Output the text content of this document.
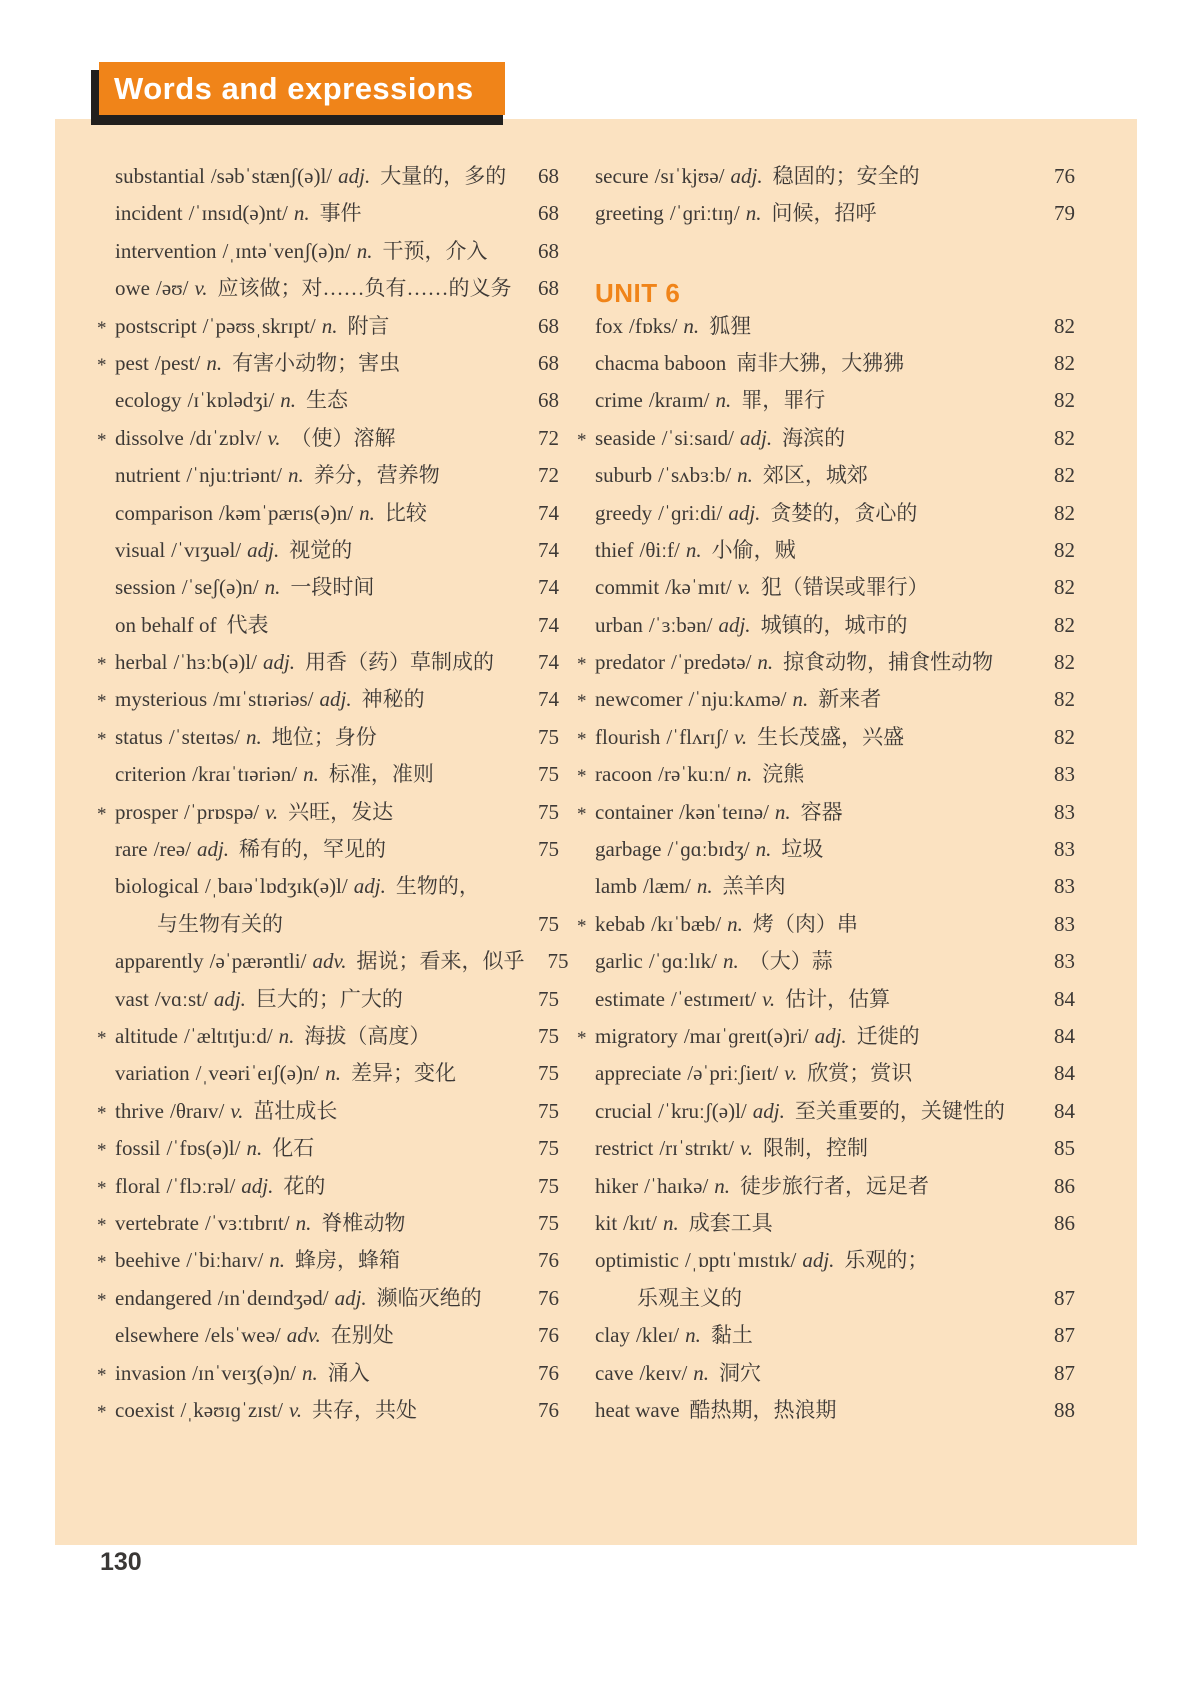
Words and expressions
substantial /səbˈstænʃ(ə)l/ adj. 大量的，多的	68
incident /ˈɪnsɪd(ə)nt/ n. 事件	68
intervention /ˌɪntəˈvenʃ(ə)n/ n. 干预，介入	68
owe /əʊ/ v. 应该做；对……负有……的义务	68
* postscript /ˈpəʊsˌskrɪpt/ n. 附言	68
* pest /pest/ n. 有害小动物；害虫	68
ecology /ɪˈkɒlədʒi/ n. 生态	68
* dissolve /dɪˈzɒlv/ v. （使）溶解	72
nutrient /ˈnjuːtriənt/ n. 养分，营养物	72
comparison /kəmˈpærɪs(ə)n/ n. 比较	74
visual /ˈvɪʒuəl/ adj. 视觉的	74
session /ˈseʃ(ə)n/ n. 一段时间	74
on behalf of 代表	74
* herbal /ˈhɜːb(ə)l/ adj. 用香（药）草制成的	74
* mysterious /mɪˈstɪəriəs/ adj. 神秘的	74
* status /ˈsteɪtəs/ n. 地位；身份	75
criterion /kraɪˈtɪəriən/ n. 标准，准则	75
* prosper /ˈprɒspə/ v. 兴旺，发达	75
rare /reə/ adj. 稀有的，罕见的	75
biological /ˌbaɪəˈlɒdʒɪk(ə)l/ adj. 生物的，
与生物有关的	75
apparently /əˈpærəntli/ adv. 据说；看来，似乎	75
vast /vɑːst/ adj. 巨大的；广大的	75
* altitude /ˈæltɪtjuːd/ n. 海拔（高度）	75
variation /ˌveəriˈeɪʃ(ə)n/ n. 差异；变化	75
* thrive /θraɪv/ v. 茁壮成长	75
* fossil /ˈfɒs(ə)l/ n. 化石	75
* floral /ˈflɔːrəl/ adj. 花的	75
* vertebrate /ˈvɜːtɪbrɪt/ n. 脊椎动物	75
* beehive /ˈbiːhaɪv/ n. 蜂房，蜂箱	76
* endangered /ɪnˈdeɪndʒəd/ adj. 濒临灭绝的	76
elsewhere /elsˈweə/ adv. 在别处	76
* invasion /ɪnˈveɪʒ(ə)n/ n. 涌入	76
* coexist /ˌkəʊɪɡˈzɪst/ v. 共存，共处	76
secure /sɪˈkjʊə/ adj. 稳固的；安全的	76
greeting /ˈɡriːtɪŋ/ n. 问候，招呼	79
UNIT 6
fox /fɒks/ n. 狐狸	82
chacma baboon 南非大狒，大狒狒	82
crime /kraɪm/ n. 罪，罪行	82
* seaside /ˈsiːsaɪd/ adj. 海滨的	82
suburb /ˈsʌbɜːb/ n. 郊区，城郊	82
greedy /ˈɡriːdi/ adj. 贪婪的，贪心的	82
thief /θiːf/ n. 小偷，贼	82
commit /kəˈmɪt/ v. 犯（错误或罪行）	82
urban /ˈɜːbən/ adj. 城镇的，城市的	82
* predator /ˈpredətə/ n. 掠食动物，捕食性动物	82
* newcomer /ˈnjuːkʌmə/ n. 新来者	82
* flourish /ˈflʌrɪʃ/ v. 生长茂盛，兴盛	82
* racoon /rəˈkuːn/ n. 浣熊	83
* container /kənˈteɪnə/ n. 容器	83
garbage /ˈɡɑːbɪdʒ/ n. 垃圾	83
lamb /læm/ n. 羔羊肉	83
* kebab /kɪˈbæb/ n. 烤（肉）串	83
garlic /ˈɡɑːlɪk/ n. （大）蒜	83
estimate /ˈestɪmeɪt/ v. 估计，估算	84
* migratory /maɪˈɡreɪt(ə)ri/ adj. 迁徙的	84
appreciate /əˈpriːʃieɪt/ v. 欣赏；赏识	84
crucial /ˈkruːʃ(ə)l/ adj. 至关重要的，关键性的	84
restrict /rɪˈstrɪkt/ v. 限制，控制	85
hiker /ˈhaɪkə/ n. 徒步旅行者，远足者	86
kit /kɪt/ n. 成套工具	86
optimistic /ˌɒptɪˈmɪstɪk/ adj. 乐观的；
乐观主义的	87
clay /kleɪ/ n. 黏土	87
cave /keɪv/ n. 洞穴	87
heat wave 酷热期，热浪期	88
130
